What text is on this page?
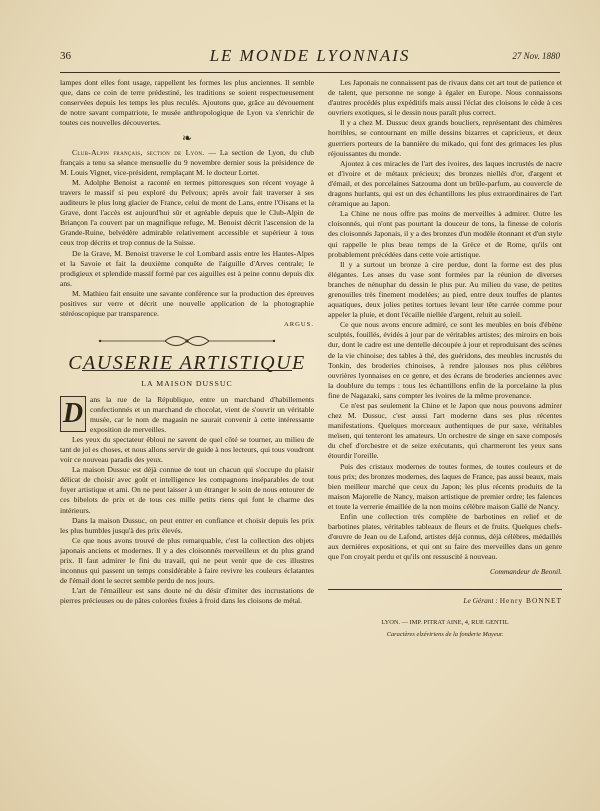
36	LE MONDE LYONNAIS	27 Nov. 1880

lampes dont elles font usage, rappellent les formes les plus anciennes. Il semble que, dans ce coin de terre prédestiné, les traditions se soient respectueusement conservées depuis les temps les plus reculés. Ajoutons que, grâce au dévouement de notre savant compatriote, le musée anthropologique de Lyon va s'enrichir de toutes ces nouvelles découvertes.

❧

Club-Alpin français, section de Lyon. — La section de Lyon, du club français a tenu sa séance mensuelle du 9 novembre dernier sous la présidence de M. Louis Vignet, vice-président, remplaçant M. le docteur Lortet.

M. Adolphe Benoist a raconté en termes pittoresques son récent voyage à travers le massif si peu exploré du Pelvoux; après avoir fait traverser à ses auditeurs le plus long glacier de France, celui de mont de Lans, entre l'Oisans et la Grave, dont l'accès est aujourd'hui sûr et agréable depuis que le Club-Alpin de Briançon l'a couvert par un magnifique refuge, M. Benoist décrit l'ascension de la Grande-Ruine, belvédère admirable relativement accessible et supérieur à tous ceux trop décrits et trop connus de la Suisse.

De la Grave, M. Benoist traverse le col Lombard assis entre les Hautes-Alpes et la Savoie et fait la deuxième conquête de l'aiguille d'Arves centrale; le prodigieux et splendide massif formé par ces aiguilles est à peine connu depuis dix ans.

M. Mathieu fait ensuite une savante conférence sur la production des épreuves positives sur verre et décrit une nouvelle application de la photographie stéréoscopique par transparence.

ARGUS.
CAUSERIE ARTISTIQUE
LA MAISON DUSSUC

D ans la rue de la République, entre un marchand d'habillements confectionnés et un marchand de chocolat, vient de s'ouvrir un véritable musée, car le nom de magasin ne saurait convenir à cette intéressante exposition de merveilles.

Les yeux du spectateur ébloui ne savent de quel côté se tourner, au milieu de tant de jol es choses, et nous allons servir de guide à nos lecteurs, qui tous voudront voir ce nouveau paradis des yeux.

La maison Dussuc est déjà connue de tout un chacun qui s'occupe du plaisir délicat de choisir avec goût et intelligence les compagnons inséparables de tout foyer artistique et ami. On ne peut laisser à un étranger le soin de nous entourer de ces bibelots de prix et de tous ces mille petits riens qui font le charme des intérieurs.

Dans la maison Dussuc, on peut entrer en confiance et choisir depuis les prix les plus humbles jusqu'à des prix élevés.

Ce que nous avons trouvé de plus remarquable, c'est la collection des objets japonais anciens et modernes. Il y a des cloisonnés merveilleux et du plus grand prix. Il faut admirer le fini du travail, qui ne peut venir que de ces illustres inconnus qui passent un temps considérable à faire revivre les couleurs éclatantes de l'émail dont le secret semble perdu de nos jours.

L'art de l'émailleur est sans doute né du désir d'imiter des incrustations de pierres précieuses ou de pâtes colorées fixées à froid dans les cloisons de métal.

Les Japonais ne connaissent pas de rivaux dans cet art tout de patience et de talent, que personne ne songe à égaler en Europe. Nous connaissons d'autres procédés plus expéditifs mais aussi l'éclat des cloisons le cède à ces ouvriers exotiques, si le dessin nous paraît plus correct.

Il y a chez M. Dussuc deux grands boucliers, représentant des chimères horribles, se contournant en mille dessins bizarres et capricieux, et deux guerriers porteurs de la bannière du mikado, qui font des grimaces les plus réjouissantes du monde.

Ajoutez à ces miracles de l'art des ivoires, des laques incrustés de nacre et d'ivoire et de métaux précieux; des bronzes niellés d'or, d'argent et d'émail, et des porcelaines Satzouma dont un brûle-parfum, au couvercle de dragons hurlants, qui est un des échantillons les plus extraordinaires de l'art céramique au Japon.

La Chine ne nous offre pas moins de merveilles à admirer. Outre les cloisonnés, qui n'ont pas pourtant la douceur de tons, la finesse de coloris des cloisonnés Japonais, il y a des bronzes d'un modèle étonnant et d'un style qui rappelle le plus beau temps de la Grèce et de Rome, qu'ils ont probablement précédées dans cette voie artistique.

Il y a surtout un bronze à cire perdue, dont la forme est des plus élégantes. Les anses du vase sont formées par la réunion de diverses branches de nénuphar du dessin le plus pur. Au milieu du vase, de petites grenouilles très finement modelées; au pied, entre deux touffes de plantes aquatiques, deux jolies petites tortues levant leur tête carrée comme pour appeler la pluie, et dont l'écaille niellée d'argent, reluit au soleil.

Ce que nous avons encore admiré, ce sont les meubles en bois d'ébène sculptés, fouillés, évidés à jour par de véritables artistes; des miroirs en bois dur, dont le cadre est une dentelle découpée à jour et reproduisant des scènes de la vie chinoise; des tables à thé, des guéridons, des meubles incrustés du Tonkin, des broderies chinoises, à rendre jalouses nos plus célèbres ouvrières lyonnaises en ce genre, et des écrans de broderies anciennes avec la doublure du temps : tous les échantillons enfin de la porcelaine la plus fine de Nagazaki, sans compter les ivoires de la même provenance.

Ce n'est pas seulement la Chine et le Japon que nous pouvons admirer chez M. Dussuc, c'est aussi l'art moderne dans ses plus récentes manifestations. Quelques morceaux authentiques de pur saxe, véritables meïsen, qui tenteront les amateurs. Un orchestre de singe en saxe composés du chef d'orchestre et de seize exécutants, qui charmeront les yeux sans étourdir l'oreille.

Puis des cristaux modernes de toutes formes, de toutes couleurs et de tous prix; des bronzes modernes, des laques de France, pas aussi beaux, mais bien meilleur marché que ceux du Japon; les plus récents produits de la maison Majorelle de Nancy, maison artistique de premier ordre; les faïences et toute la verrerie émaillée de la non moins célèbre maison Gallé de Nancy.

Enfin une collection très complète de barbotines en relief et de barbotines plates, véritables tableaux de fleurs et de fruits. Quelques chefs-d'œuvre de Jean ou de Lafond, artistes déjà connus, déjà célèbres, médaillés aux dernières expositions, et qui ont su faire des merveilles dans un genre que l'on croyait perdu et qu'ils ont ressuscité à nouveau.

Commandeur de Beonil.
Le Gérant : Henry BONNET
LYON. — IMP. PITRAT AINE, 4, RUE GENTIL
Caractères elzéviriens de la fonderie Mayeur.
